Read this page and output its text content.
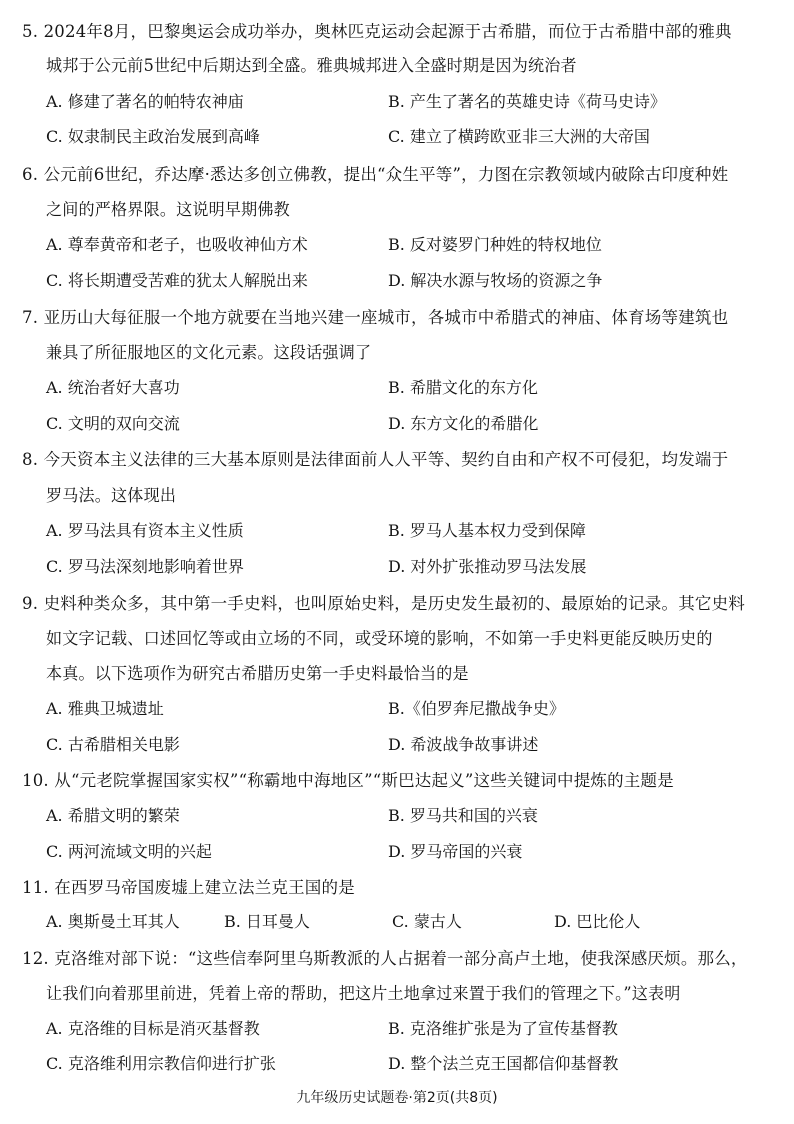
5. 2024年8月，巴黎奥运会成功举办，奥林匹克运动会起源于古希腊，而位于古希腊中部的雅典
城邦于公元前5世纪中后期达到全盛。雅典城邦进入全盛时期是因为统治者
A. 修建了著名的帕特农神庙	B. 产生了著名的英雄史诗《荷马史诗》
C. 奴隶制民主政治发展到高峰	C. 建立了横跨欧亚非三大洲的大帝国
6. 公元前6世纪，乔达摩·悉达多创立佛教，提出“众生平等”，力图在宗教领域内破除古印度种姓
之间的严格界限。这说明早期佛教
A. 尊奉黄帝和老子，也吸收神仙方术	B. 反对婆罗门种姓的特权地位
C. 将长期遭受苦难的犹太人解脱出来	D. 解决水源与牧场的资源之争
7. 亚历山大每征服一个地方就要在当地兴建一座城市，各城市中希腊式的神庙、体育场等建筑也
兼具了所征服地区的文化元素。这段话强调了
A. 统治者好大喜功	B. 希腊文化的东方化
C. 文明的双向交流	D. 东方文化的希腊化
8. 今天资本主义法律的三大基本原则是法律面前人人平等、契约自由和产权不可侵犯，均发端于
罗马法。这体现出
A. 罗马法具有资本主义性质	B. 罗马人基本权力受到保障
C. 罗马法深刻地影响着世界	D. 对外扩张推动罗马法发展
9. 史料种类众多，其中第一手史料，也叫原始史料，是历史发生最初的、最原始的记录。其它史料
如文字记载、口述回忆等或由立场的不同，或受环境的影响，不如第一手史料更能反映历史的
本真。以下选项作为研究古希腊历史第一手史料最恰当的是
A. 雅典卫城遗址	B.《伯罗奔尼撒战争史》
C. 古希腊相关电影	D. 希波战争故事讲述
10. 从“元老院掌握国家实权”“称霸地中海地区”“斯巴达起义”这些关键词中提炼的主题是
A. 希腊文明的繁荣	B. 罗马共和国的兴衰
C. 两河流域文明的兴起	D. 罗马帝国的兴衰
11. 在西罗马帝国废墟上建立法兰克王国的是
A. 奥斯曼土耳其人	B. 日耳曼人	C. 蒙古人	D. 巴比伦人
12. 克洛维对部下说：“这些信奉阿里乌斯教派的人占据着一部分高卢土地，使我深感厌烦。那么，
让我们向着那里前进，凭着上帝的帮助，把这片土地拿过来置于我们的管理之下。”这表明
A. 克洛维的目标是消灭基督教	B. 克洛维扩张是为了宣传基督教
C. 克洛维利用宗教信仰进行扩张	D. 整个法兰克王国都信仰基督教
九年级历史试题卷·第2页(共8页)
